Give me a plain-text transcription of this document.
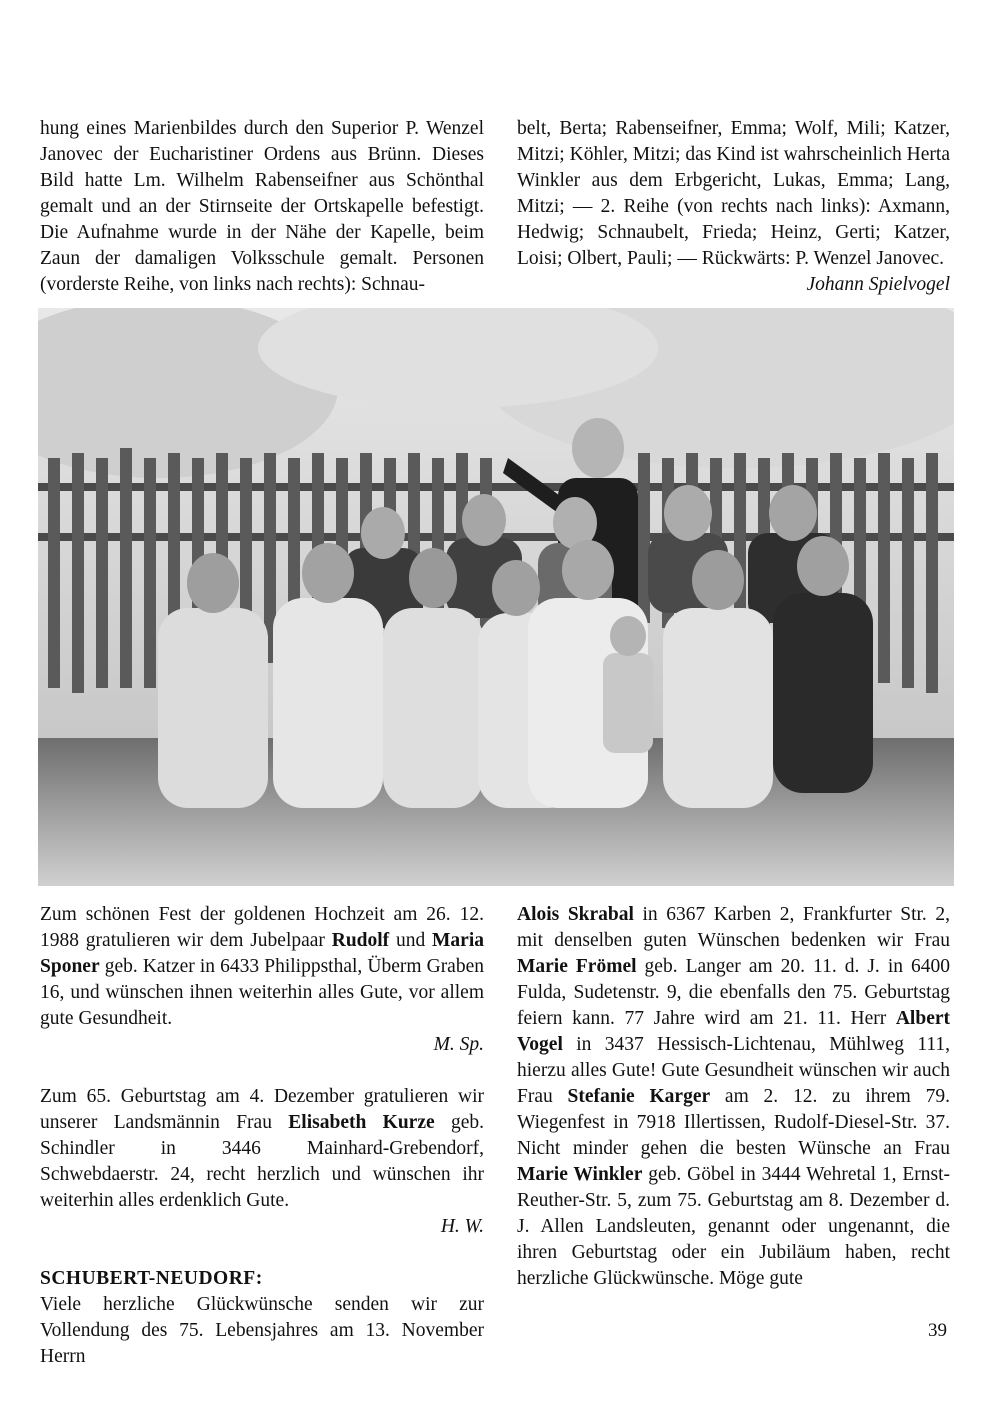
hung eines Marienbildes durch den Superior P. Wenzel Janovec der Eucharistiner Ordens aus Brünn. Dieses Bild hatte Lm. Wilhelm Rabenseifner aus Schönthal gemalt und an der Stirnseite der Ortskapelle befestigt. Die Aufnahme wurde in der Nähe der Kapelle, beim Zaun der damaligen Volksschule gemalt. Personen (vorderste Reihe, von links nach rechts): Schnau-

belt, Berta; Rabenseifner, Emma; Wolf, Mili; Katzer, Mitzi; Köhler, Mitzi; das Kind ist wahrscheinlich Herta Winkler aus dem Erbgericht, Lukas, Emma; Lang, Mitzi; — 2. Reihe (von rechts nach links): Axmann, Hedwig; Schnaubelt, Frieda; Heinz, Gerti; Katzer, Loisi; Olbert, Pauli; — Rückwärts: P. Wenzel Janovec.

Johann Spielvogel

Zum schönen Fest der goldenen Hochzeit am 26. 12. 1988 gratulieren wir dem Jubelpaar Rudolf und Maria Sponer geb. Katzer in 6433 Philippsthal, Überm Graben 16, und wünschen ihnen weiterhin alles Gute, vor allem gute Gesundheit.
M. Sp.

Zum 65. Geburtstag am 4. Dezember gratulieren wir unserer Landsmännin Frau Elisabeth Kurze geb. Schindler in 3446 Mainhard-Grebendorf, Schwebdaerstr. 24, recht herzlich und wünschen ihr weiterhin alles erdenklich Gute.
H. W.

SCHUBERT-NEUDORF:

Viele herzliche Glückwünsche senden wir zur Vollendung des 75. Lebensjahres am 13. November Herrn

Alois Skrabal in 6367 Karben 2, Frankfurter Str. 2, mit denselben guten Wünschen bedenken wir Frau Marie Frömel geb. Langer am 20. 11. d. J. in 6400 Fulda, Sudetenstr. 9, die ebenfalls den 75. Geburtstag feiern kann. 77 Jahre wird am 21. 11. Herr Albert Vogel in 3437 Hessisch-Lichtenau, Mühlweg 111, hierzu alles Gute! Gute Gesundheit wünschen wir auch Frau Stefanie Karger am 2. 12. zu ihrem 79. Wiegenfest in 7918 Illertissen, Rudolf-Diesel-Str. 37. Nicht minder gehen die besten Wünsche an Frau Marie Winkler geb. Göbel in 3444 Wehretal 1, Ernst-Reuther-Str. 5, zum 75. Geburtstag am 8. Dezember d. J. Allen Landsleuten, genannt oder ungenannt, die ihren Geburtstag oder ein Jubiläum haben, recht herzliche Glückwünsche. Möge gute

39
